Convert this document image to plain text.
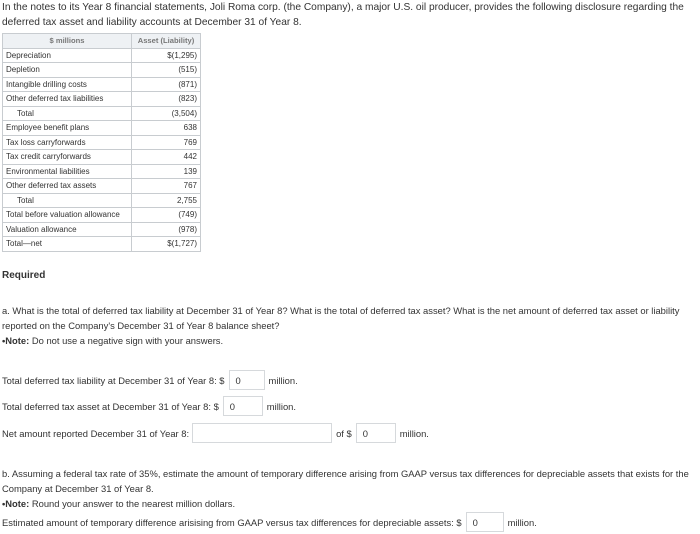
In the notes to its Year 8 financial statements, Joli Roma corp. (the Company), a major U.S. oil producer, provides the following disclosure regarding the deferred tax asset and liability accounts at December 31 of Year 8.
$ millions	Asset (Liability)
Depreciation	$(1,295)
Depletion	(515)
Intangible drilling costs	(871)
Other deferred tax liabilities	(823)
Total	(3,504)
Employee benefit plans	638
Tax loss carryforwards	769
Tax credit carryforwards	442
Environmental liabilities	139
Other deferred tax assets	767
Total	2,755
Total before valuation allowance	(749)
Valuation allowance	(978)
Total—net	$(1,727)
Required
a. What is the total of deferred tax liability at December 31 of Year 8? What is the total of deferred tax asset? What is the net amount of deferred tax asset or liability reported on the Company's December 31 of Year 8 balance sheet?
•Note: Do not use a negative sign with your answers.
Total deferred tax liability at December 31 of Year 8: $	0	million.
Total deferred tax asset at December 31 of Year 8: $	0	million.
Net amount reported December 31 of Year 8:	of $	0	million.
b. Assuming a federal tax rate of 35%, estimate the amount of temporary difference arising from GAAP versus tax differences for depreciable assets that exists for the Company at December 31 of Year 8.
•Note: Round your answer to the nearest million dollars.
Estimated amount of temporary difference arisising from GAAP versus tax differences for depreciable assets: $	0	million.
